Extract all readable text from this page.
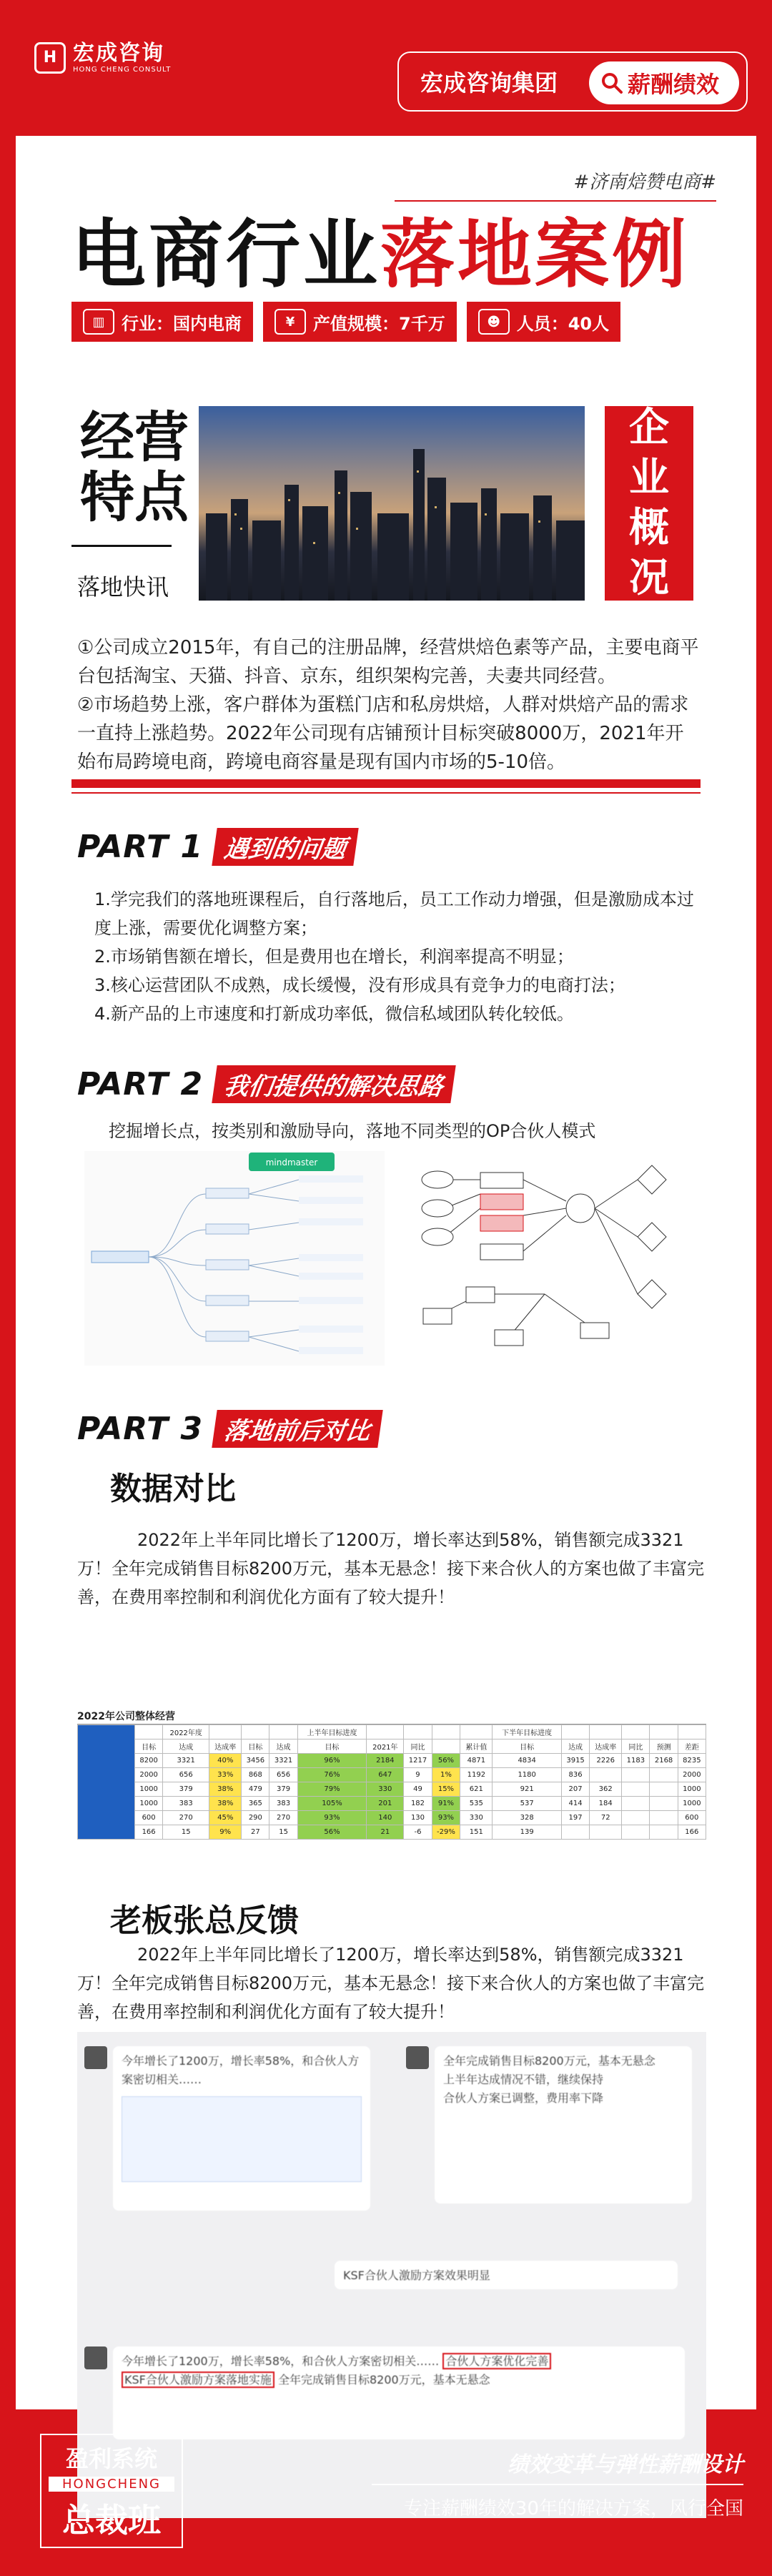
H 宏成咨询
HONG CHENG CONSULT	宏成咨询集团	薪酬绩效
#济南焙赞电商#
电商行业落地案例
▥ 行业：国内电商	¥	产值规模：7千万	☻ 人员：40人
经营
特点
落地快讯
企
业
概
况

①公司成立2015年，有自己的注册品牌，经营烘焙色素等产品，主要电商平台包括淘宝、天猫、抖音、京东，组织架构完善，夫妻共同经营。

②市场趋势上涨，客户群体为蛋糕门店和私房烘焙，人群对烘焙产品的需求一直持上涨趋势。2022年公司现有店铺预计目标突破8000万，2021年开始布局跨境电商，跨境电商容量是现有国内市场的5-10倍。

PART 1 遇到的问题
1.学完我们的落地班课程后，自行落地后，员工工作动力增强，但是激励成本过度上涨，需要优化调整方案；
2.市场销售额在增长，但是费用也在增长，利润率提高不明显；
3.核心运营团队不成熟，成长缓慢，没有形成具有竞争力的电商打法；
4.新产品的上市速度和打新成功率低，微信私域团队转化较低。
PART 2 我们提供的解决思路
挖掘增长点，按类别和激励导向，落地不同类型的OP合伙人模式
mindmaster
PART 3 落地前后对比
数据对比
2022年上半年同比增长了1200万，增长率达到58%，销售额完成3321万！全年完成销售目标8200万元，基本无悬念！接下来合伙人的方案也做了丰富完善，在费用率控制和利润优化方面有了较大提升！
2022年公司整体经营
		2022年度				上半年目标进度					下半年目标进度					
	目标	达成	达成率	目标	达成	目标	2021年	同比		累计值	目标	达成	达成率	同比	预测	差距
	8200	3321	40%	3456	3321	96%	2184	1217	56%	4871	4834	3915	2226	1183	2168	8235
	2000	656	33%	868	656	76%	647	9	1%	1192	1180	836				2000
	1000	379	38%	479	379	79%	330	49	15%	621	921	207	362			1000
	1000	383	38%	365	383	105%	201	182	91%	535	537	414	184			1000
	600	270	45%	290	270	93%	140	130	93%	330	328	197	72			600
	166	15	9%	27	15	56%	21	-6	-29%	151	139					166
老板张总反馈
2022年上半年同比增长了1200万，增长率达到58%，销售额完成3321万！全年完成销售目标8200万元，基本无悬念！接下来合伙人的方案也做了丰富完善，在费用率控制和利润优化方面有了较大提升！
今年增长了1200万，增长率58%，和合伙人方案密切相关……
全年完成销售目标8200万元，基本无悬念
上半年达成情况不错，继续保持
合伙人方案已调整，费用率下降
KSF合伙人激励方案效果明显
今年增长了1200万，增长率58%，和合伙人方案密切相关…… 合伙人方案优化完善
KSF合伙人激励方案落地实施 全年完成销售目标8200万元，基本无悬念
盈利系统
HONGCHENG
总裁班
绩效变革与弹性薪酬设计
专注薪酬绩效30年的解决方案，风行全国
